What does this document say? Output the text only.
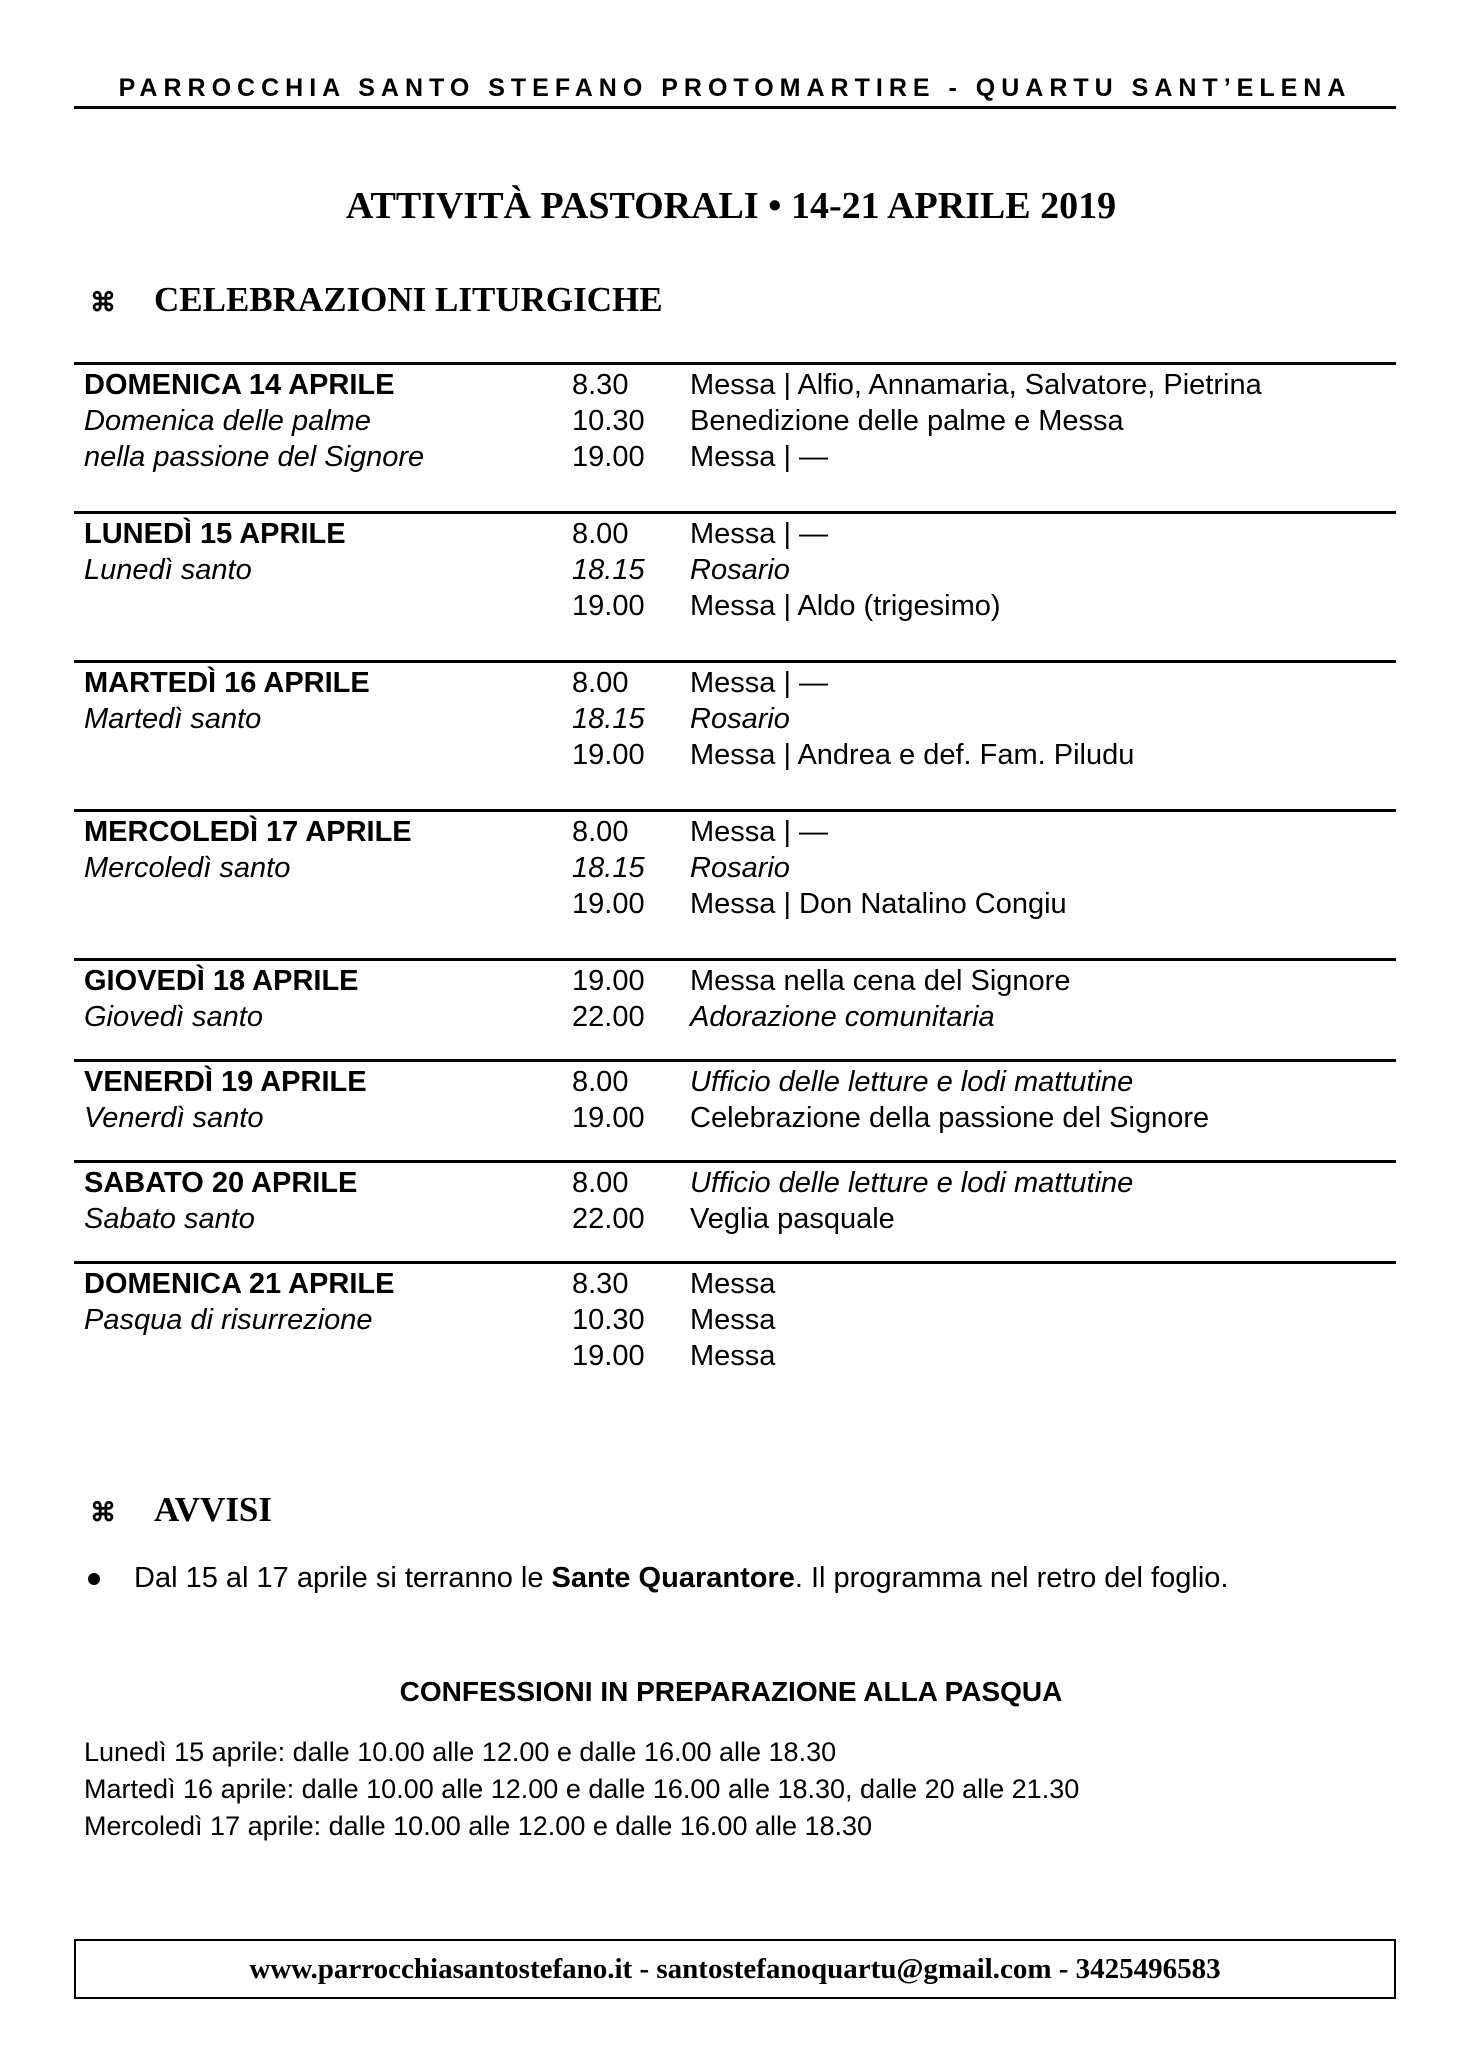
PARROCCHIA SANTO STEFANO PROTOMARTIRE - QUARTU SANT’ELENA
ATTIVITÀ PASTORALI • 14-21 APRILE 2019
⌘ CELEBRAZIONI LITURGICHE
DOMENICA 14 APRILE	8.30	Messa | Alfio, Annamaria, Salvatore, Pietrina
Domenica delle palme	10.30	Benedizione delle palme e Messa
nella passione del Signore	19.00	Messa | —
LUNEDÌ 15 APRILE	8.00	Messa | —
Lunedì santo	18.15	Rosario
19.00	Messa | Aldo (trigesimo)
MARTEDÌ 16 APRILE	8.00	Messa | —
Martedì santo	18.15	Rosario
19.00	Messa | Andrea e def. Fam. Piludu
MERCOLEDÌ 17 APRILE	8.00	Messa | —
Mercoledì santo	18.15	Rosario
19.00	Messa | Don Natalino Congiu
GIOVEDÌ 18 APRILE	19.00	Messa nella cena del Signore
Giovedì santo	22.00	Adorazione comunitaria
VENERDÌ 19 APRILE	8.00	Ufficio delle letture e lodi mattutine
Venerdì santo	19.00	Celebrazione della passione del Signore
SABATO 20 APRILE	8.00	Ufficio delle letture e lodi mattutine
Sabato santo	22.00	Veglia pasquale
DOMENICA 21 APRILE	8.30	Messa
Pasqua di risurrezione	10.30	Messa
19.00	Messa
⌘ AVVISI
Dal 15 al 17 aprile si terranno le Sante Quarantore. Il programma nel retro del foglio.
CONFESSIONI IN PREPARAZIONE ALLA PASQUA
Lunedì 15 aprile: dalle 10.00 alle 12.00 e dalle 16.00 alle 18.30
Martedì 16 aprile: dalle 10.00 alle 12.00 e dalle 16.00 alle 18.30, dalle 20 alle 21.30
Mercoledì 17 aprile: dalle 10.00 alle 12.00 e dalle 16.00 alle 18.30
www.parrocchiasantostefano.it - santostefanoquartu@gmail.com - 3425496583
